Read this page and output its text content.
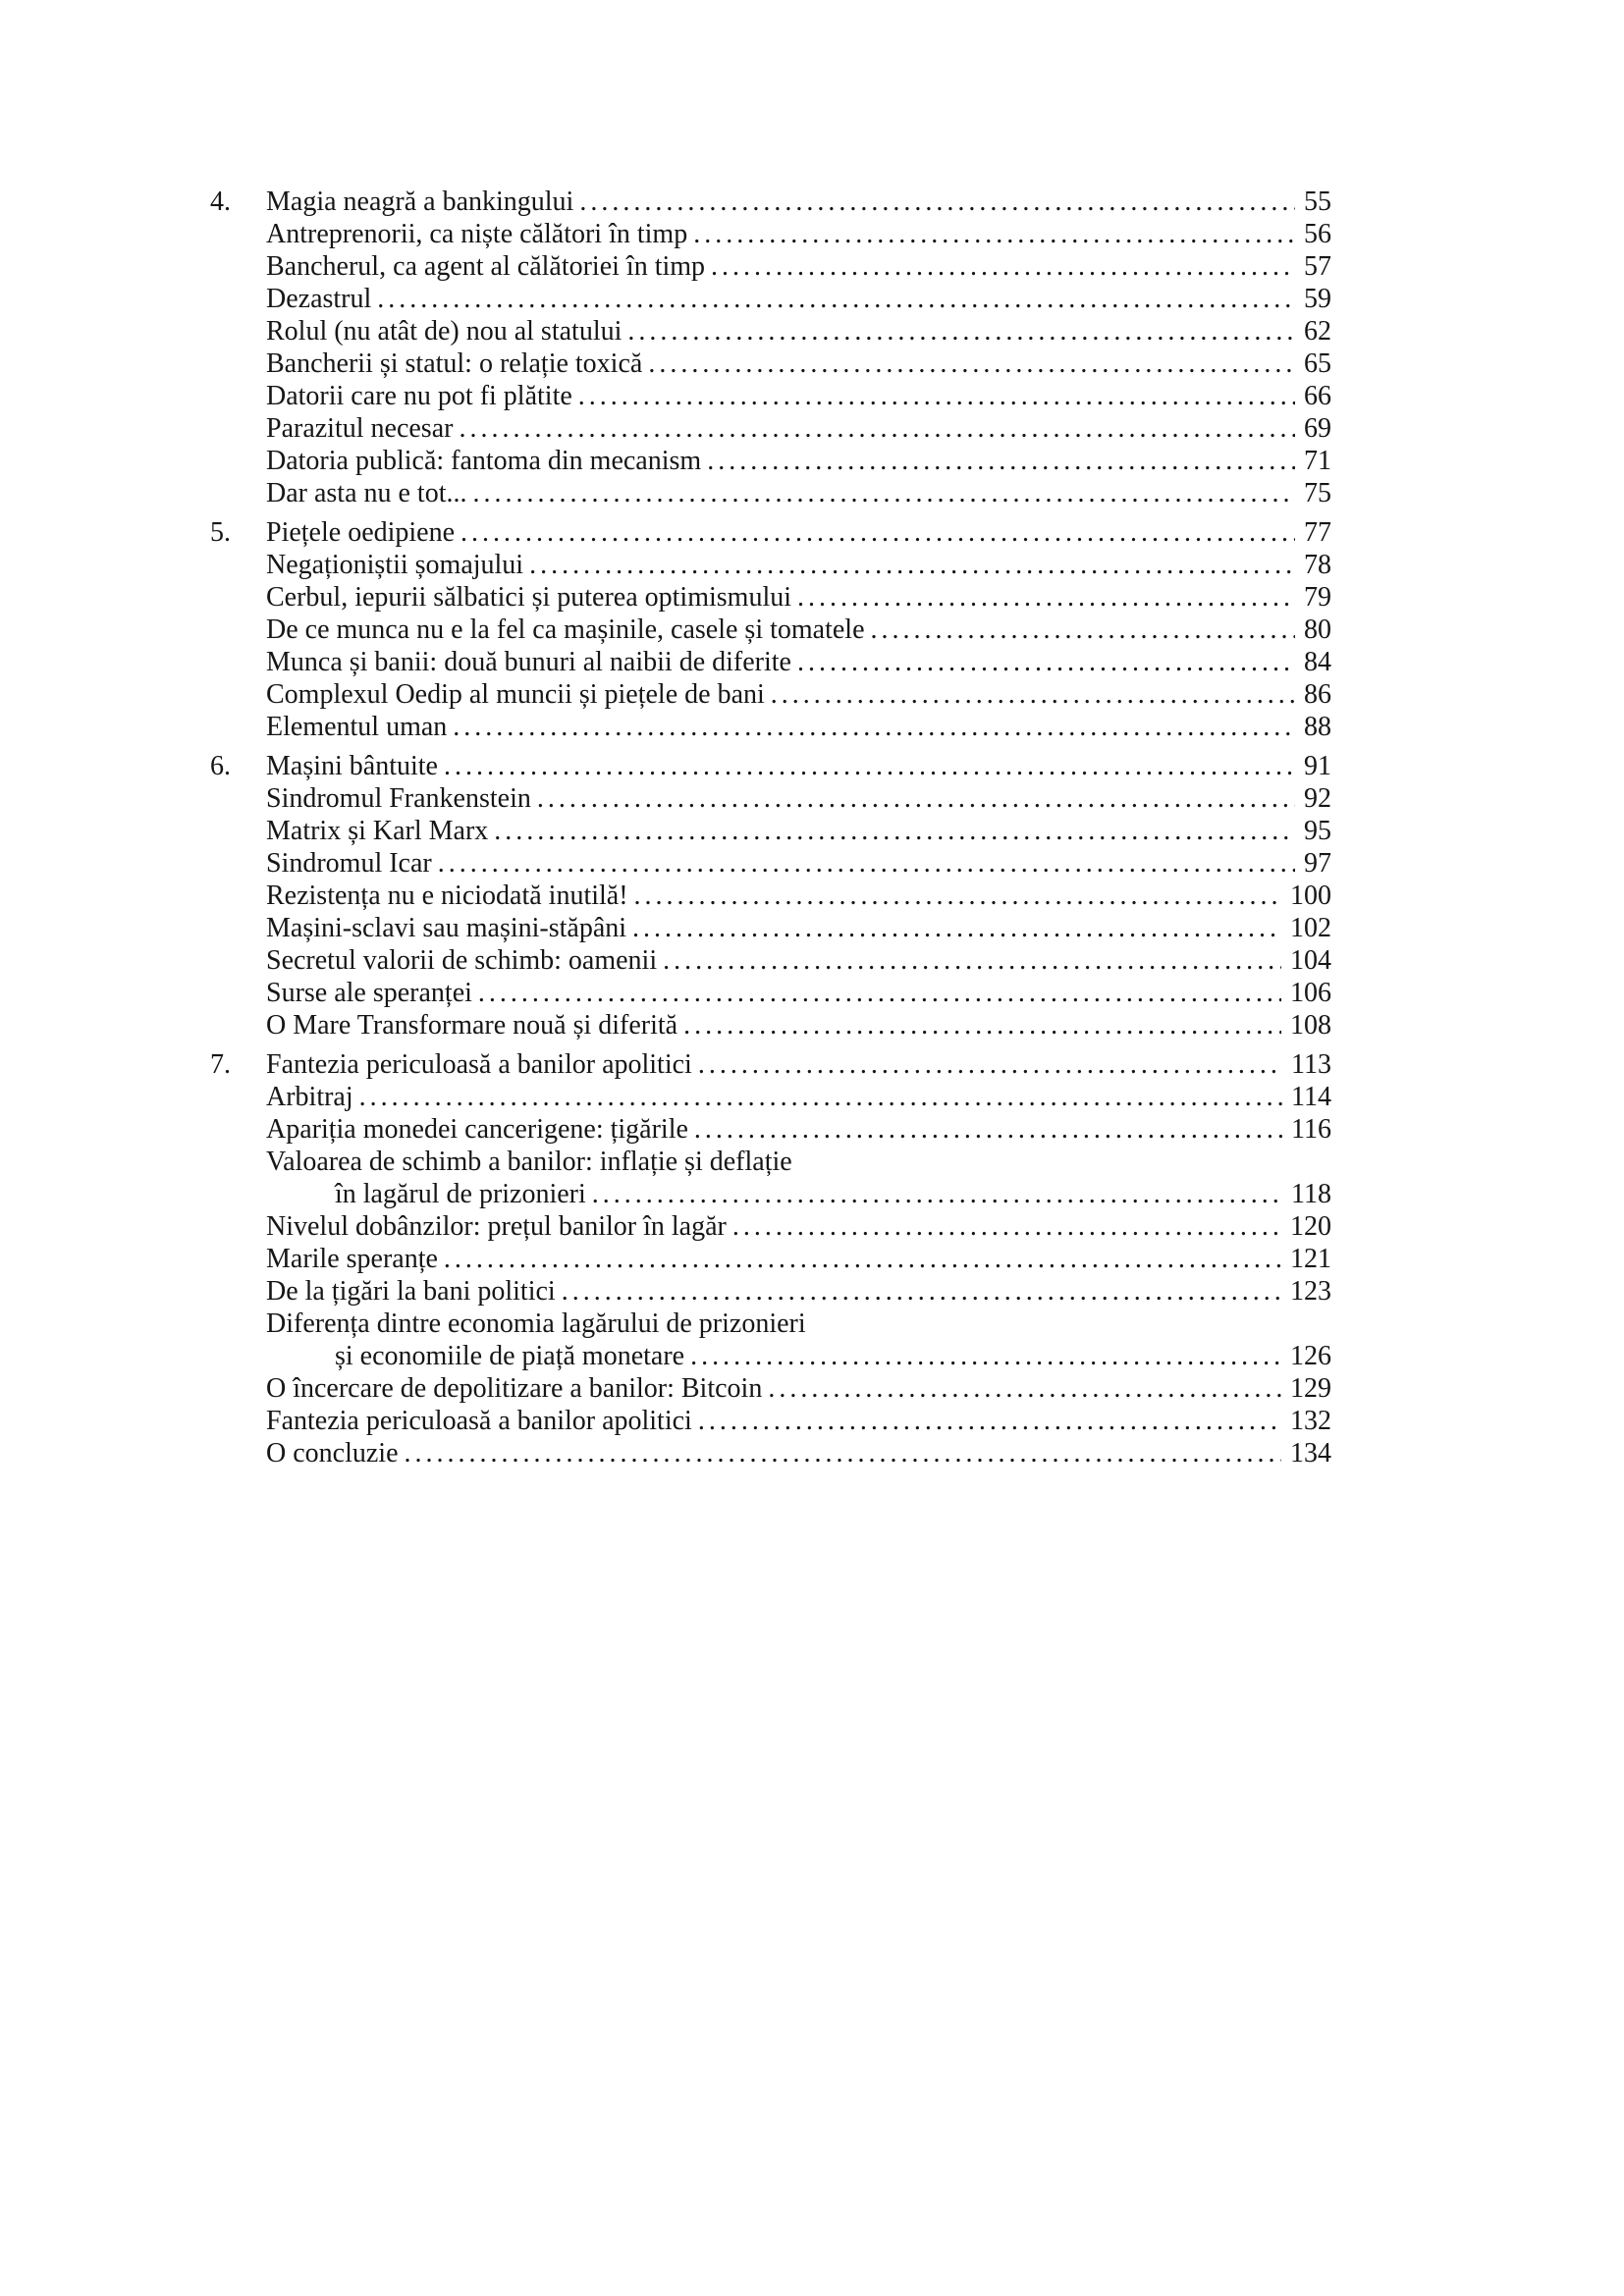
4.	Magia neagră a bankingului .....	55
Antreprenorii, ca niște călători în timp .....	56
Bancherul, ca agent al călătoriei în timp .....	57
Dezastrul .....	59
Rolul (nu atât de) nou al statului .....	62
Bancherii și statul: o relație toxică .....	65
Datorii care nu pot fi plătite .....	66
Parazitul necesar .....	69
Datoria publică: fantoma din mecanism .....	71
Dar asta nu e tot... .....	75
5.	Piețele oedipiene .....	77
Negaționiștii șomajului .....	78
Cerbul, iepurii sălbatici și puterea optimismului .....	79
De ce munca nu e la fel ca mașinile, casele și tomatele .....	80
Munca și banii: două bunuri al naibii de diferite .....	84
Complexul Oedip al muncii și piețele de bani .....	86
Elementul uman .....	88
6.	Mașini bântuite .....	91
Sindromul Frankenstein .....	92
Matrix și Karl Marx .....	95
Sindromul Icar .....	97
Rezistența nu e niciodată inutilă! .....	100
Mașini-sclavi sau mașini-stăpâni .....	102
Secretul valorii de schimb: oamenii .....	104
Surse ale speranței .....	106
O Mare Transformare nouă și diferită .....	108
7.	Fantezia periculoasă a banilor apolitici .....	113
Arbitraj .....	114
Apariția monedei cancerigene: țigările .....	116
Valoarea de schimb a banilor: inflație și deflație
în lagărul de prizonieri .....	118
Nivelul dobânzilor: prețul banilor în lagăr .....	120
Marile speranțe .....	121
De la țigări la bani politici .....	123
Diferența dintre economia lagărului de prizonieri
și economiile de piață monetare .....	126
O încercare de depolitizare a banilor: Bitcoin .....	129
Fantezia periculoasă a banilor apolitici .....	132
O concluzie .....	134
